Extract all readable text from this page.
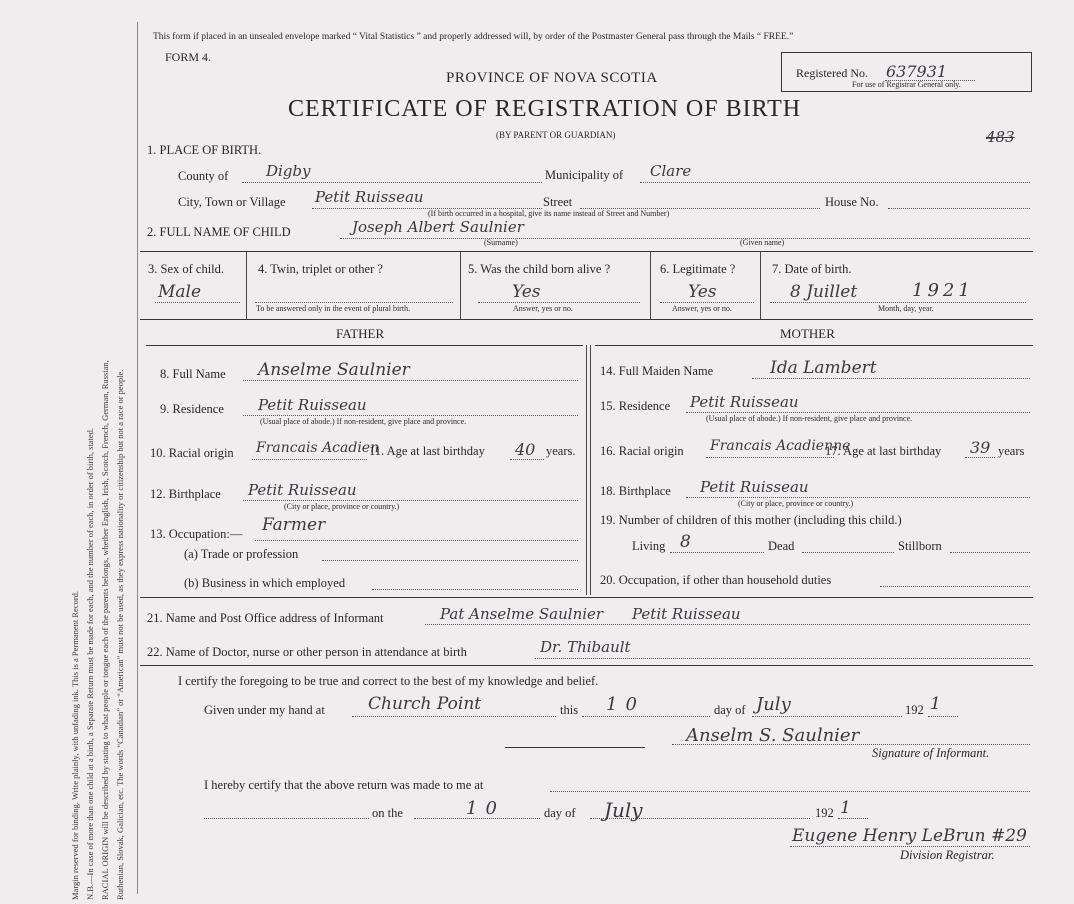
Margin reserved for binding. Write plainly, with unfading ink. This is a Permanent Record. N.B.—In case of more than one child at a birth, a Separate Return must be made for each, and the number of each, in order of birth, stated. RACIAL ORIGIN will be described by stating to what people or tongue each of the parents belongs, whether English, Irish, Scotch, French, German, Russian, Ruthenian, Slovak, Galician, etc. The words “Canadian” or “American” must not be used, as they express nationality or citizenship but not a race or people.
This form if placed in an unsealed envelope marked “ Vital Statistics ” and properly addressed will, by order of the Postmaster General pass through the Mails “ FREE.”
FORM 4.
PROVINCE OF NOVA SCOTIA
CERTIFICATE OF REGISTRATION OF BIRTH
(BY PARENT OR GUARDIAN)
Registered No. 637931
For use of Registrar General only.
483
1. PLACE OF BIRTH.
County of	Digby	Municipality of Clare
City, Town or Village Petit Ruisseau	Street	House No.
(If birth occurred in a hospital, give its name instead of Street and Number)
2. FULL NAME OF CHILD	Joseph Albert Saulnier
(Surname)	(Given name)
3. Sex of child.
Male
4. Twin, triplet or other ?
To be answered only in the event of plural birth.
5. Was the child born alive ?
Yes
Answer, yes or no.
6. Legitimate ?
Yes
Answer, yes or no.
7. Date of birth.
8 Juillet	1921
Month, day, year.
FATHER	MOTHER
8. Full Name Anselme Saulnier
9. Residence Petit Ruisseau
(Usual place of abode.) If non-resident, give place and province.
10. Racial origin Francais Acadien
11. Age at last birthday 40 years.
12. Birthplace Petit Ruisseau
(City or place, province or country.)
13. Occupation:— Farmer
(a) Trade or profession
(b) Business in which employed
14. Full Maiden Name	Ida Lambert
15. Residence Petit Ruisseau
(Usual place of abode.) If non-resident, give place and province.
16. Racial origin Francais Acadienne
17. Age at last birthday 39 years
18. Birthplace Petit Ruisseau
(City or place, province or country.)
19. Number of children of this mother (including this child.)
Living 8	Dead	Stillborn
20. Occupation, if other than household duties
21. Name and Post Office address of Informant	Pat Anselme Saulnier Petit Ruisseau
22. Name of Doctor, nurse or other person in attendance at birth	Dr. Thibault
I certify the foregoing to be true and correct to the best of my knowledge and belief.
Given under my hand at	Church Point	this 10	day of July	192 1
Anselm S. Saulnier
Signature of Informant.
I hereby certify that the above return was made to me at
on the	10	day of July	192 1
Eugene Henry LeBrun #29
Division Registrar.
